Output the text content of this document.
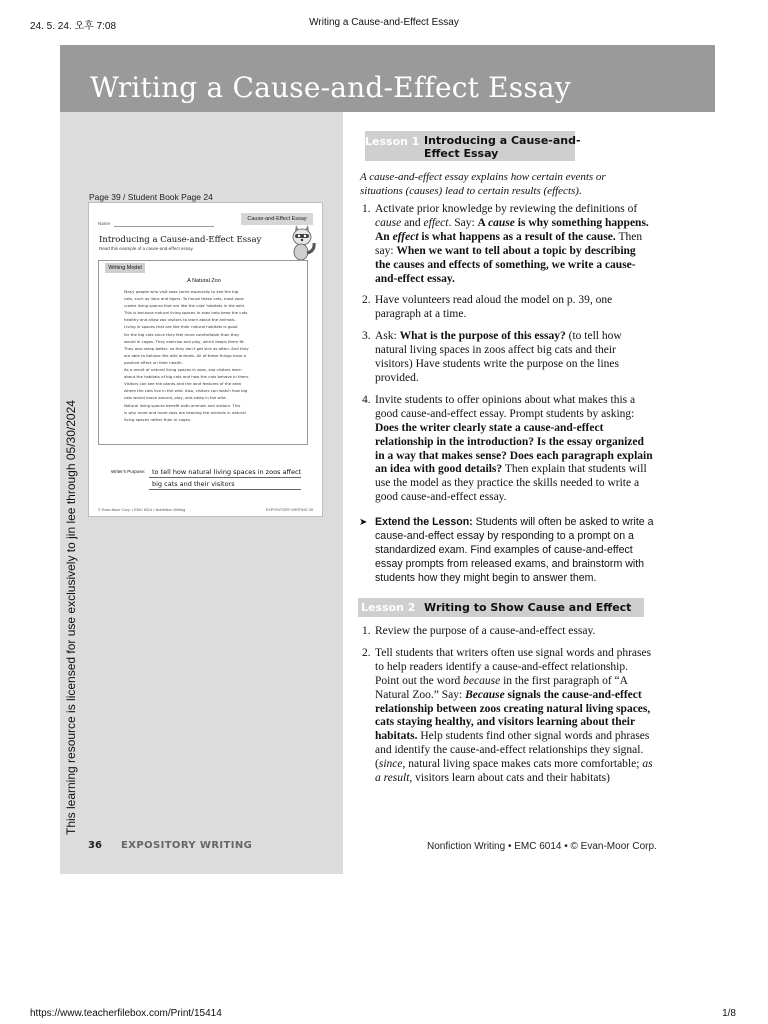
24. 5. 24. 오후 7:08	Writing a Cause-and-Effect Essay
Writing a Cause-and-Effect Essay
This learning resource is licensed for use exclusively to jin lee through 05/30/2024
Page 39 / Student Book Page 24
Name
Cause-and-Effect Essay
Introducing a Cause-and-Effect Essay
Read this example of a cause-and-effect essay.
Writing Model
A Natural Zoo
Many people who visit zoos come especially to see the big
cats, such as lions and tigers. To house these cats, most zoos
create living spaces that are like the cats' habitats in the wild.
This is because natural living spaces in zoos help keep the cats
healthy and allow zoo visitors to learn about the animals.
Living in spaces that are like their natural habitats is good
for the big cats since they feel more comfortable than they
would in cages. They exercise and play, which keeps them fit.
They also sleep better, so they don't get sick as often. And they
are able to behave like wild animals. All of these things have a
positive effect on their health.
As a result of natural living spaces in zoos, zoo visitors learn
about the habitats of big cats and how the cats behave in them.
Visitors can see the plants and the land features of the area
where the cats live in the wild. Also, visitors can watch how big
cats would move around, play, and sleep in the wild.
Natural living spaces benefit both animals and visitors. This
is why more and more zoos are keeping the animals in natural
living spaces rather than in cages.
Writer's Purpose: to tell how natural living spaces in zoos affect big cats and their visitors
© Evan-Moor Corp. • EMC 6014 • Nonfiction Writing	EXPOSITORY WRITING 39
Lesson 1 Introducing a Cause-and-Effect Essay
A cause-and-effect essay explains how certain events or situations (causes) lead to certain results (effects).
1. Activate prior knowledge by reviewing the definitions of cause and effect. Say: A cause is why something happens. An effect is what happens as a result of the cause. Then say: When we want to tell about a topic by describing the causes and effects of something, we write a cause-and-effect essay.
2. Have volunteers read aloud the model on p. 39, one paragraph at a time.
3. Ask: What is the purpose of this essay? (to tell how natural living spaces in zoos affect big cats and their visitors) Have students write the purpose on the lines provided.
4. Invite students to offer opinions about what makes this a good cause-and-effect essay. Prompt students by asking: Does the writer clearly state a cause-and-effect relationship in the introduction? Is the essay organized in a way that makes sense? Does each paragraph explain an idea with good details? Then explain that students will use the model as they practice the skills needed to write a good cause-and-effect essay.
➤ Extend the Lesson: Students will often be asked to write a cause-and-effect essay by responding to a prompt on a standardized exam. Find examples of cause-and-effect essay prompts from released exams, and brainstorm with students how they might begin to answer them.
Lesson 2 Writing to Show Cause and Effect
1. Review the purpose of a cause-and-effect essay.
2. Tell students that writers often use signal words and phrases to help readers identify a cause-and-effect relationship. Point out the word because in the first paragraph of “A Natural Zoo.” Say: Because signals the cause-and-effect relationship between zoos creating natural living spaces, cats staying healthy, and visitors learning about their habitats. Help students find other signal words and phrases and identify the cause-and-effect relationships they signal. (since, natural living space makes cats more comfortable; as a result, visitors learn about cats and their habitats)
36 EXPOSITORY WRITING	Nonfiction Writing • EMC 6014 • © Evan-Moor Corp.
https://www.teacherfilebox.com/Print/15414	1/8
